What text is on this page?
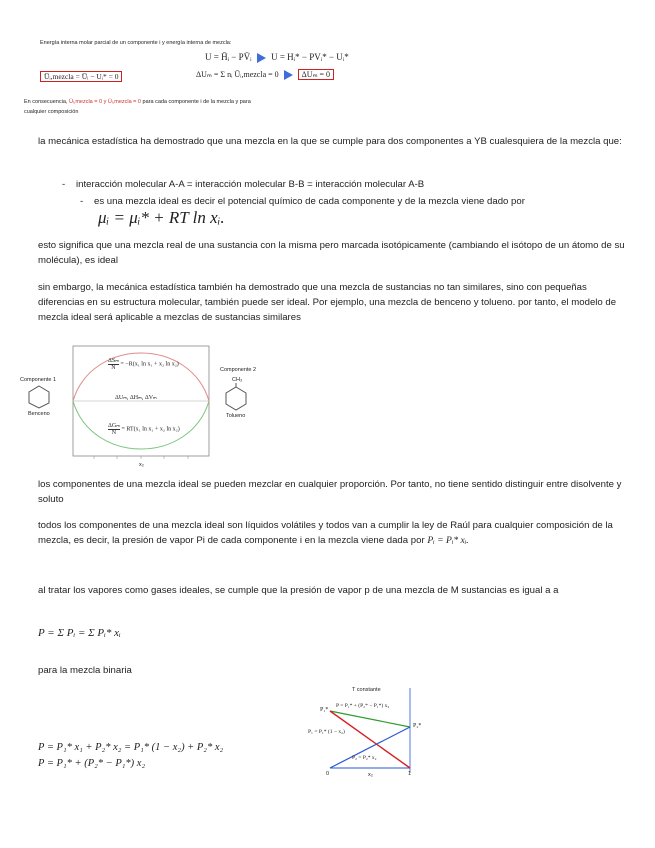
Energía interna molar parcial de un componente i y energía interna de mezcla:
U = H̄ᵢ − PV̄ᵢ U = Hᵢ* − PVᵢ* − Uᵢ*
U̅ᵢ,mezcla = U̅ᵢ − Uᵢ* = 0	ΔUₘ = Σ nᵢ Ūᵢ,mezcla = 0	ΔUₘ = 0
En consecuencia, Ūᵢ,mezcla = 0 y Ūᵢ,mezcla = 0 para cada componente i de la mezcla y para
cualquier composición
la mecánica estadística ha demostrado que una mezcla en la que se cumple para dos componentes a YB cualesquiera de la mezcla que:
- interacción molecular A-A = interacción molecular B-B = interacción molecular A-B
- es una mezcla ideal es decir el potencial químico de cada componente y de la mezcla viene dado por
μᵢ = μᵢ* + RT ln xᵢ.
esto significa que una mezcla real de una sustancia con la misma pero marcada isotópicamente (cambiando el isótopo de un átomo de su molécula), es ideal
sin embargo, la mecánica estadística también ha demostrado que una mezcla de sustancias no tan similares, sino con pequeñas diferencias en su estructura molecular, también puede ser ideal. Por ejemplo, una mezcla de benceno y tolueno. por tanto, el modelo de mezcla ideal será aplicable a mezclas de sustancias similares
Componente 1
Benceno
ΔSₘ
N
= −R(x₁ ln x₁ + x₂ ln x₂)
ΔUₘ, ΔHₘ, ΔVₘ
ΔGₘ
N
= RT(x₁ ln x₁ + x₂ ln x₂)
x₂
Componente 2
CH₃
Tolueno
los componentes de una mezcla ideal se pueden mezclar en cualquier proporción. Por tanto, no tiene sentido distinguir entre disolvente y soluto
todos los componentes de una mezcla ideal son líquidos volátiles y todos van a cumplir la ley de Raúl para cualquier composición de la mezcla, es decir, la presión de vapor Pi de cada componente i en la mezcla viene dada por Pᵢ = Pᵢ* xᵢ.
al tratar los vapores como gases ideales, se cumple que la presión de vapor p de una mezcla de M sustancias es igual a a
P = Σ Pᵢ = Σ Pᵢ* xᵢ
para la mezcla binaria
P = P₁* x₁ + P₂* x₂ = P₁* (1 − x₂) + P₂* x₂
P = P₁* + (P₂* − P₁*) x₂
T constante
P = P₁* + (P₂* − P₁*) x₂
P₁*
P₁ = P₁* (1 − x₂)
P₂*
P₂ = P₂* x₂
0	1
x₂
